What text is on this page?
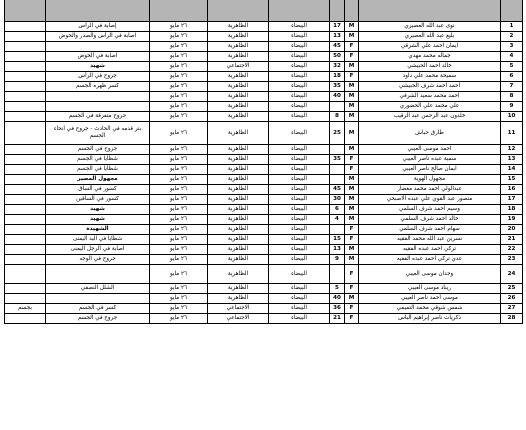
1	نوى عبد الله العصيري	M	17	البيضاء	الظاهرية	٢٦ مايو	إصابة في الرأس	
2	بليغ عبد الله العصيري	M	13	البيضاء	الظاهرية	٢٦ مايو	اصابة في الرأس والصدر والحوض	
3	ايمان احمد علي الشرقي	F	45	البيضاء	الظاهرية	٢٦ مايو		
4	جماله محمد مهدي	F	50	البيضاء	الظاهرية	٢٦ مايو	اصابة في الحوض	
5	خالد احمد الحبيشي	M	32	البيضاء	الاجتماعي	٢٦ مايو	شهيد	
6	سميحة محمد علي داود	F	18	البيضاء	الظاهرية	٢٦ مايو	جروح في الرأس	
7	احمد احمد شرف الحبيشي	M	35	البيضاء	الظاهرية	٢٦ مايو	كسر ظهره الجسم	
8	احمد محمد سعيد الشرقي	M	40	البيضاء	الظاهرية	٢٦ مايو		
9	علي محمد علي الحضوري	M		البيضاء	الظاهرية	٢٦ مايو		
10	خلدون عبد الرحمن عبد الرقيب	M	8	البيضاء	الظاهرية	٢٦ مايو	جروح متفرقة في الجسم	
11	طارق حباش	M	25	البيضاء	الظاهرية	٢٦ مايو	بتر قدمه في الحادث - جروح في انحاء الجسم	
12	احمد موسى العيبي	M		البيضاء	الظاهرية	٢٦ مايو	جروح في الجسم	
13	سمية عبده ناصر العيبي	F	35	البيضاء	الظاهرية	٢٦ مايو	شظايا في الجسم	
14	ايمان صالح ناصر العيبي	F		البيضاء	الظاهرية	٢٦ مايو	شظايا في الجسم	
15	مجهول الهوية	M		البيضاء	الظاهرية	٢٦ مايو	مجهول المصير	
16	عبدالولي احمد محمد مغضار	M	45	البيضاء	الظاهرية	٢٦ مايو	كسور في الساق	
17	منصور عبد القوي علي عبده الاصبحي	M	30	البيضاء	الظاهرية	٢٦ مايو	كسور في الساقين	
18	وسيم احمد شرف السلمي	M	6	البيضاء	الظاهرية	٢٦ مايو	شهيد	
19	خالد احمد شرف السلمي	M	4	البيضاء	الظاهرية	٢٦ مايو	شهيد	
20	سهام احمد شرف السلمي	F		البيضاء	الظاهرية	٢٦ مايو	الشهيدة	
21	نسرين عبد الله محمد الفقيه	F	15	البيضاء	الظاهرية	٢٦ مايو	شظايا في اليد اليمنى	
22	تركي احمد عبده الفقيه	M	13	البيضاء	الظاهرية	٢٦ مايو	اصابة في الرجل اليمنى	
23	عدي تركي احمد عبده الفقيه	M	9	البيضاء	الظاهرية	٢٦ مايو	جروح في الوجه	
24	وجدان موسى العيبي	F		البيضاء	الظاهرية	٢٦ مايو		
25	ريناد موسى العيبي	F	5	البيضاء	الظاهرية	٢٦ مايو	الشلل النصفي	
26	موسى احمد ناصر العيبي	M	40	البيضاء	الظاهرية	٢٦ مايو		
27	شمس شوقي محمد التميمي	F	36	البيضاء	الاجتماعي	٢٦ مايو	كسر في الجسم	بجسم
28	ذكريات ناصر إبراهيم الباس	F	21	البيضاء	الاجتماعي	٢٦ مايو	جروح في الجسم	
